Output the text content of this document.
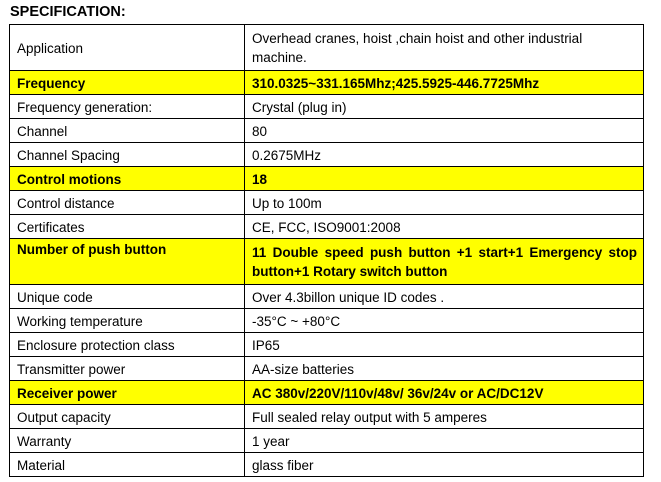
SPECIFICATION:
Application	Overhead cranes, hoist ,chain hoist and other industrial machine.
Frequency	310.0325~331.165Mhz;425.5925-446.7725Mhz
Frequency generation:	Crystal (plug in)
Channel	80
Channel Spacing	0.2675MHz
Control motions	18
Control distance	Up to 100m
Certificates	CE, FCC, ISO9001:2008
Number of push button	11 Double speed push button +1 start+1 Emergency stop button+1 Rotary switch button
Unique code	Over 4.3billon unique ID codes .
Working temperature	-35°C ~ +80°C
Enclosure protection class	IP65
Transmitter power	AA-size batteries
Receiver power	AC 380v/220V/110v/48v/ 36v/24v or AC/DC12V
Output capacity	Full sealed relay output with 5 amperes
Warranty	1 year
Material	glass fiber
